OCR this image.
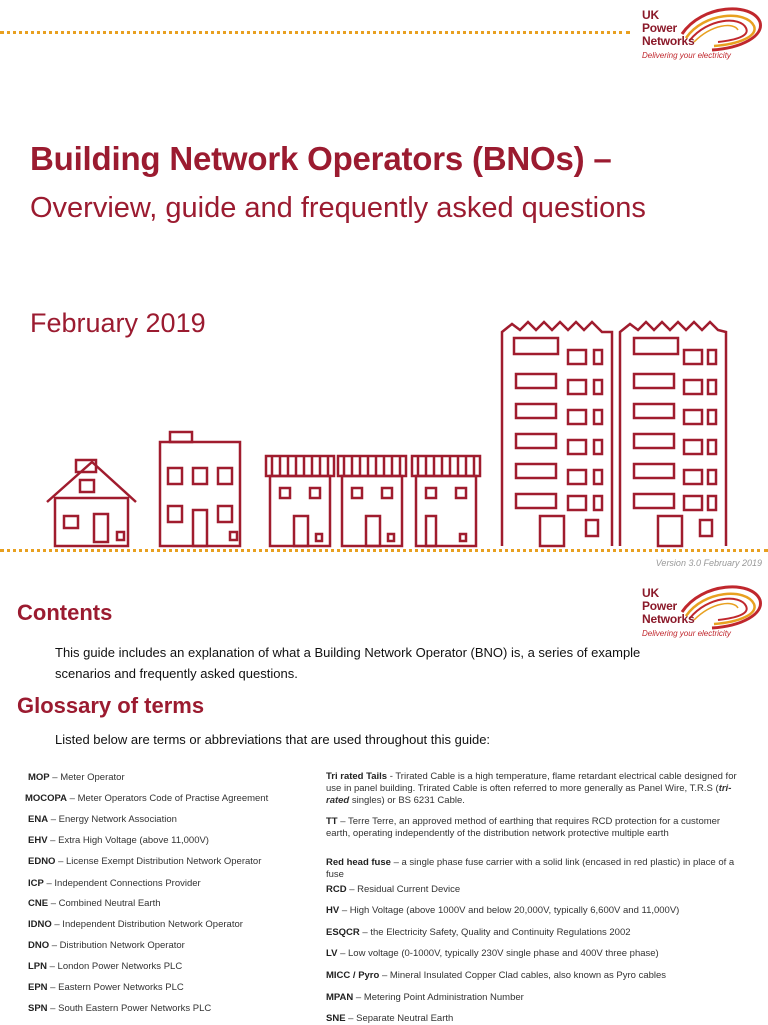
UK
Power
Networks
Delivering your electricity
Building Network Operators (BNOs) –
Overview, guide and frequently asked questions

February 2019

Version 3.0 February 2019
UK
Power
Networks
Delivering your electricity
Contents

This guide includes an explanation of what a Building Network Operator (BNO) is, a series of example scenarios and frequently asked questions.

Glossary of terms

Listed below are terms or abbreviations that are used throughout this guide:

MOP – Meter Operator
MOCOPA – Meter Operators Code of Practise Agreement
ENA – Energy Network Association
EHV – Extra High Voltage (above 11,000V)
EDNO – License Exempt Distribution Network Operator
ICP – Independent Connections Provider
CNE – Combined Neutral Earth
IDNO – Independent Distribution Network Operator
DNO – Distribution Network Operator
LPN – London Power Networks PLC
EPN – Eastern Power Networks PLC
SPN – South Eastern Power Networks PLC
Tri rated Tails - Trirated Cable is a high temperature, flame retardant electrical cable designed for use in panel building. Trirated Cable is often referred to more generally as Panel Wire, T.R.S (tri-rated singles) or BS 6231 Cable.
TT – Terre Terre, an approved method of earthing that requires RCD protection for a customer earth, operating independently of the distribution network protective multiple earth
Red head fuse – a single phase fuse carrier with a solid link (encased in red plastic) in place of a fuse
RCD – Residual Current Device
HV – High Voltage (above 1000V and below 20,000V, typically 6,600V and 11,000V)
ESQCR – the Electricity Safety, Quality and Continuity Regulations 2002
LV – Low voltage (0-1000V, typically 230V single phase and 400V three phase)
MICC / Pyro – Mineral Insulated Copper Clad cables, also known as Pyro cables
MPAN – Metering Point Administration Number
SNE – Separate Neutral Earth
